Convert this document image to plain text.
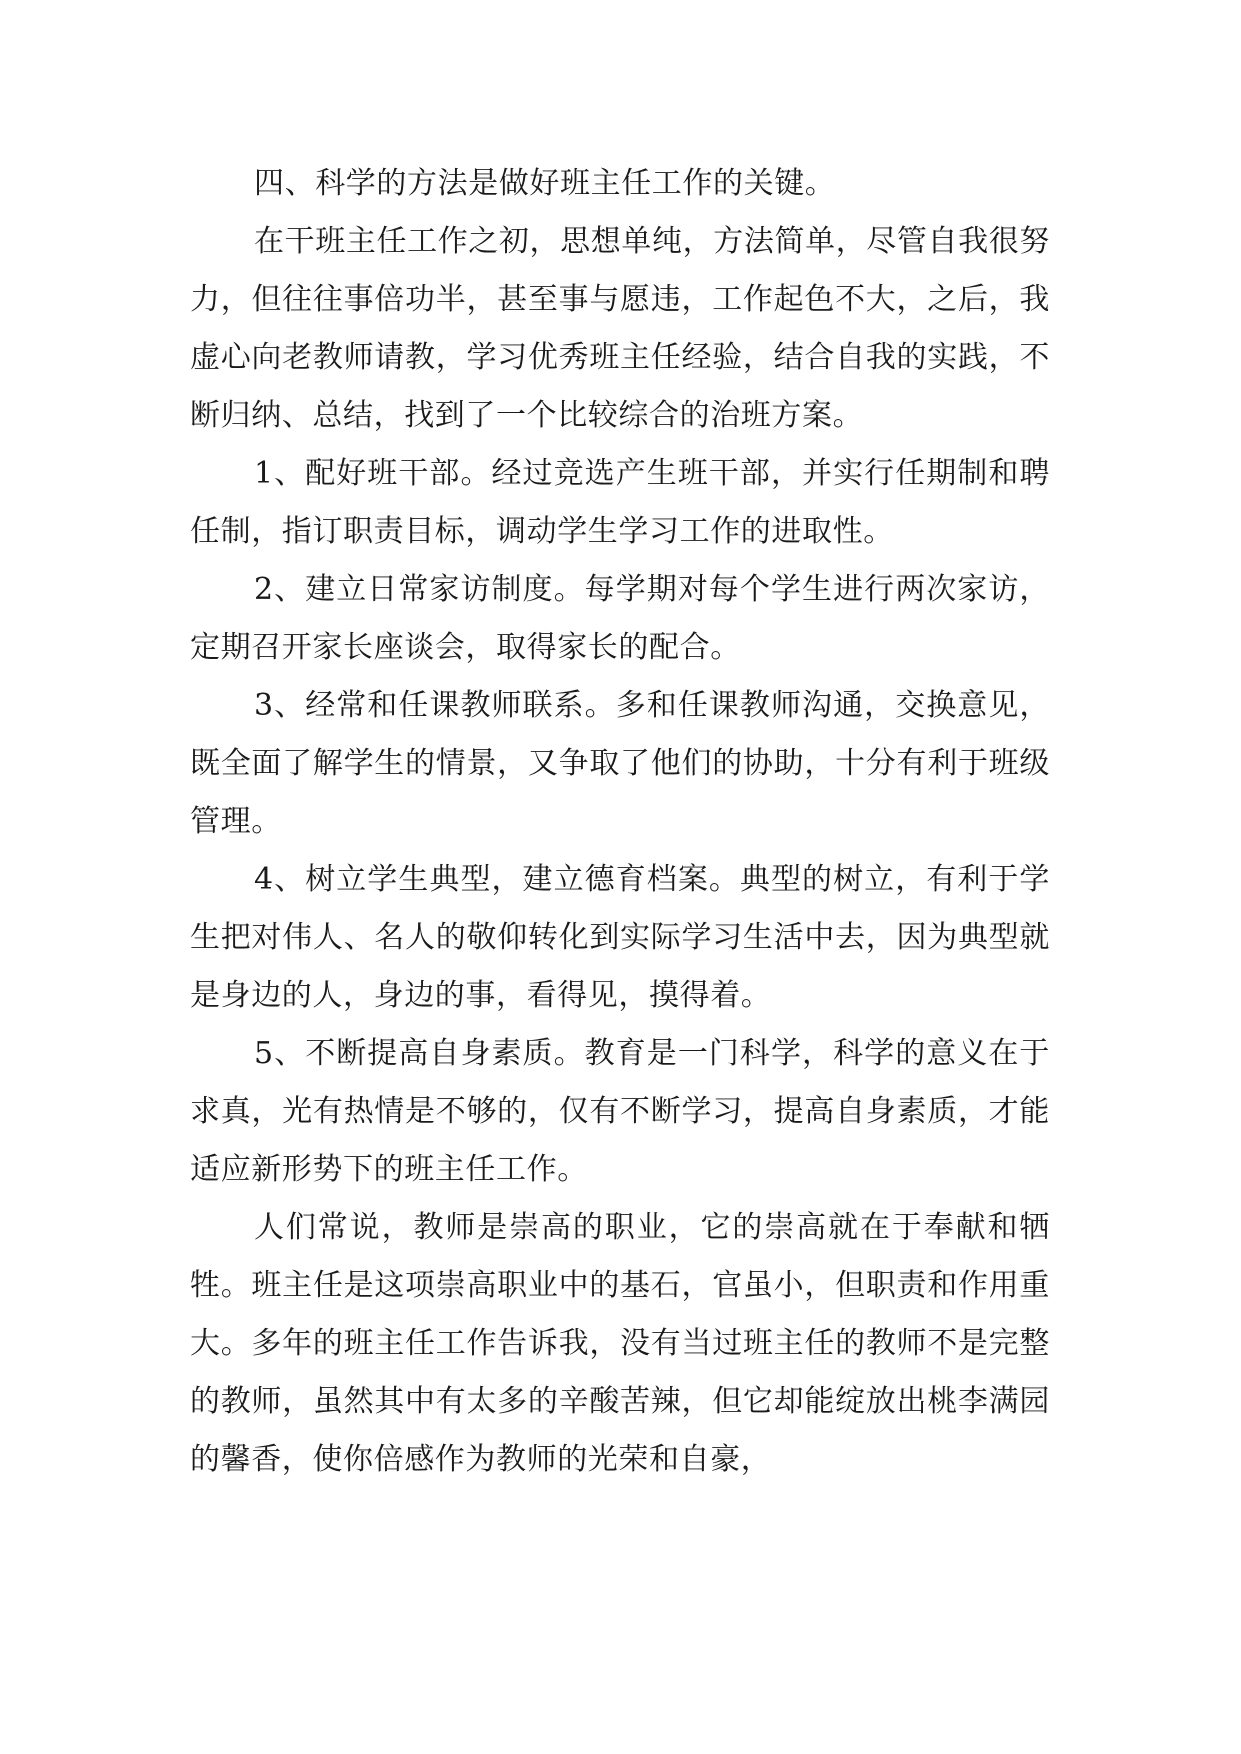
四、科学的方法是做好班主任工作的关键。

在干班主任工作之初，思想单纯，方法简单，尽管自我很努力，但往往事倍功半，甚至事与愿违，工作起色不大，之后，我虚心向老教师请教，学习优秀班主任经验，结合自我的实践，不断归纳、总结，找到了一个比较综合的治班方案。

1、配好班干部。经过竞选产生班干部，并实行任期制和聘任制，指订职责目标，调动学生学习工作的进取性。

2、建立日常家访制度。每学期对每个学生进行两次家访，定期召开家长座谈会，取得家长的配合。

3、经常和任课教师联系。多和任课教师沟通，交换意见，既全面了解学生的情景，又争取了他们的协助，十分有利于班级管理。

4、树立学生典型，建立德育档案。典型的树立，有利于学生把对伟人、名人的敬仰转化到实际学习生活中去，因为典型就是身边的人，身边的事，看得见，摸得着。

5、不断提高自身素质。教育是一门科学，科学的意义在于求真，光有热情是不够的，仅有不断学习，提高自身素质，才能适应新形势下的班主任工作。

人们常说，教师是崇高的职业，它的崇高就在于奉献和牺牲。班主任是这项崇高职业中的基石，官虽小，但职责和作用重大。多年的班主任工作告诉我，没有当过班主任的教师不是完整的教师，虽然其中有太多的辛酸苦辣，但它却能绽放出桃李满园的馨香，使你倍感作为教师的光荣和自豪，
